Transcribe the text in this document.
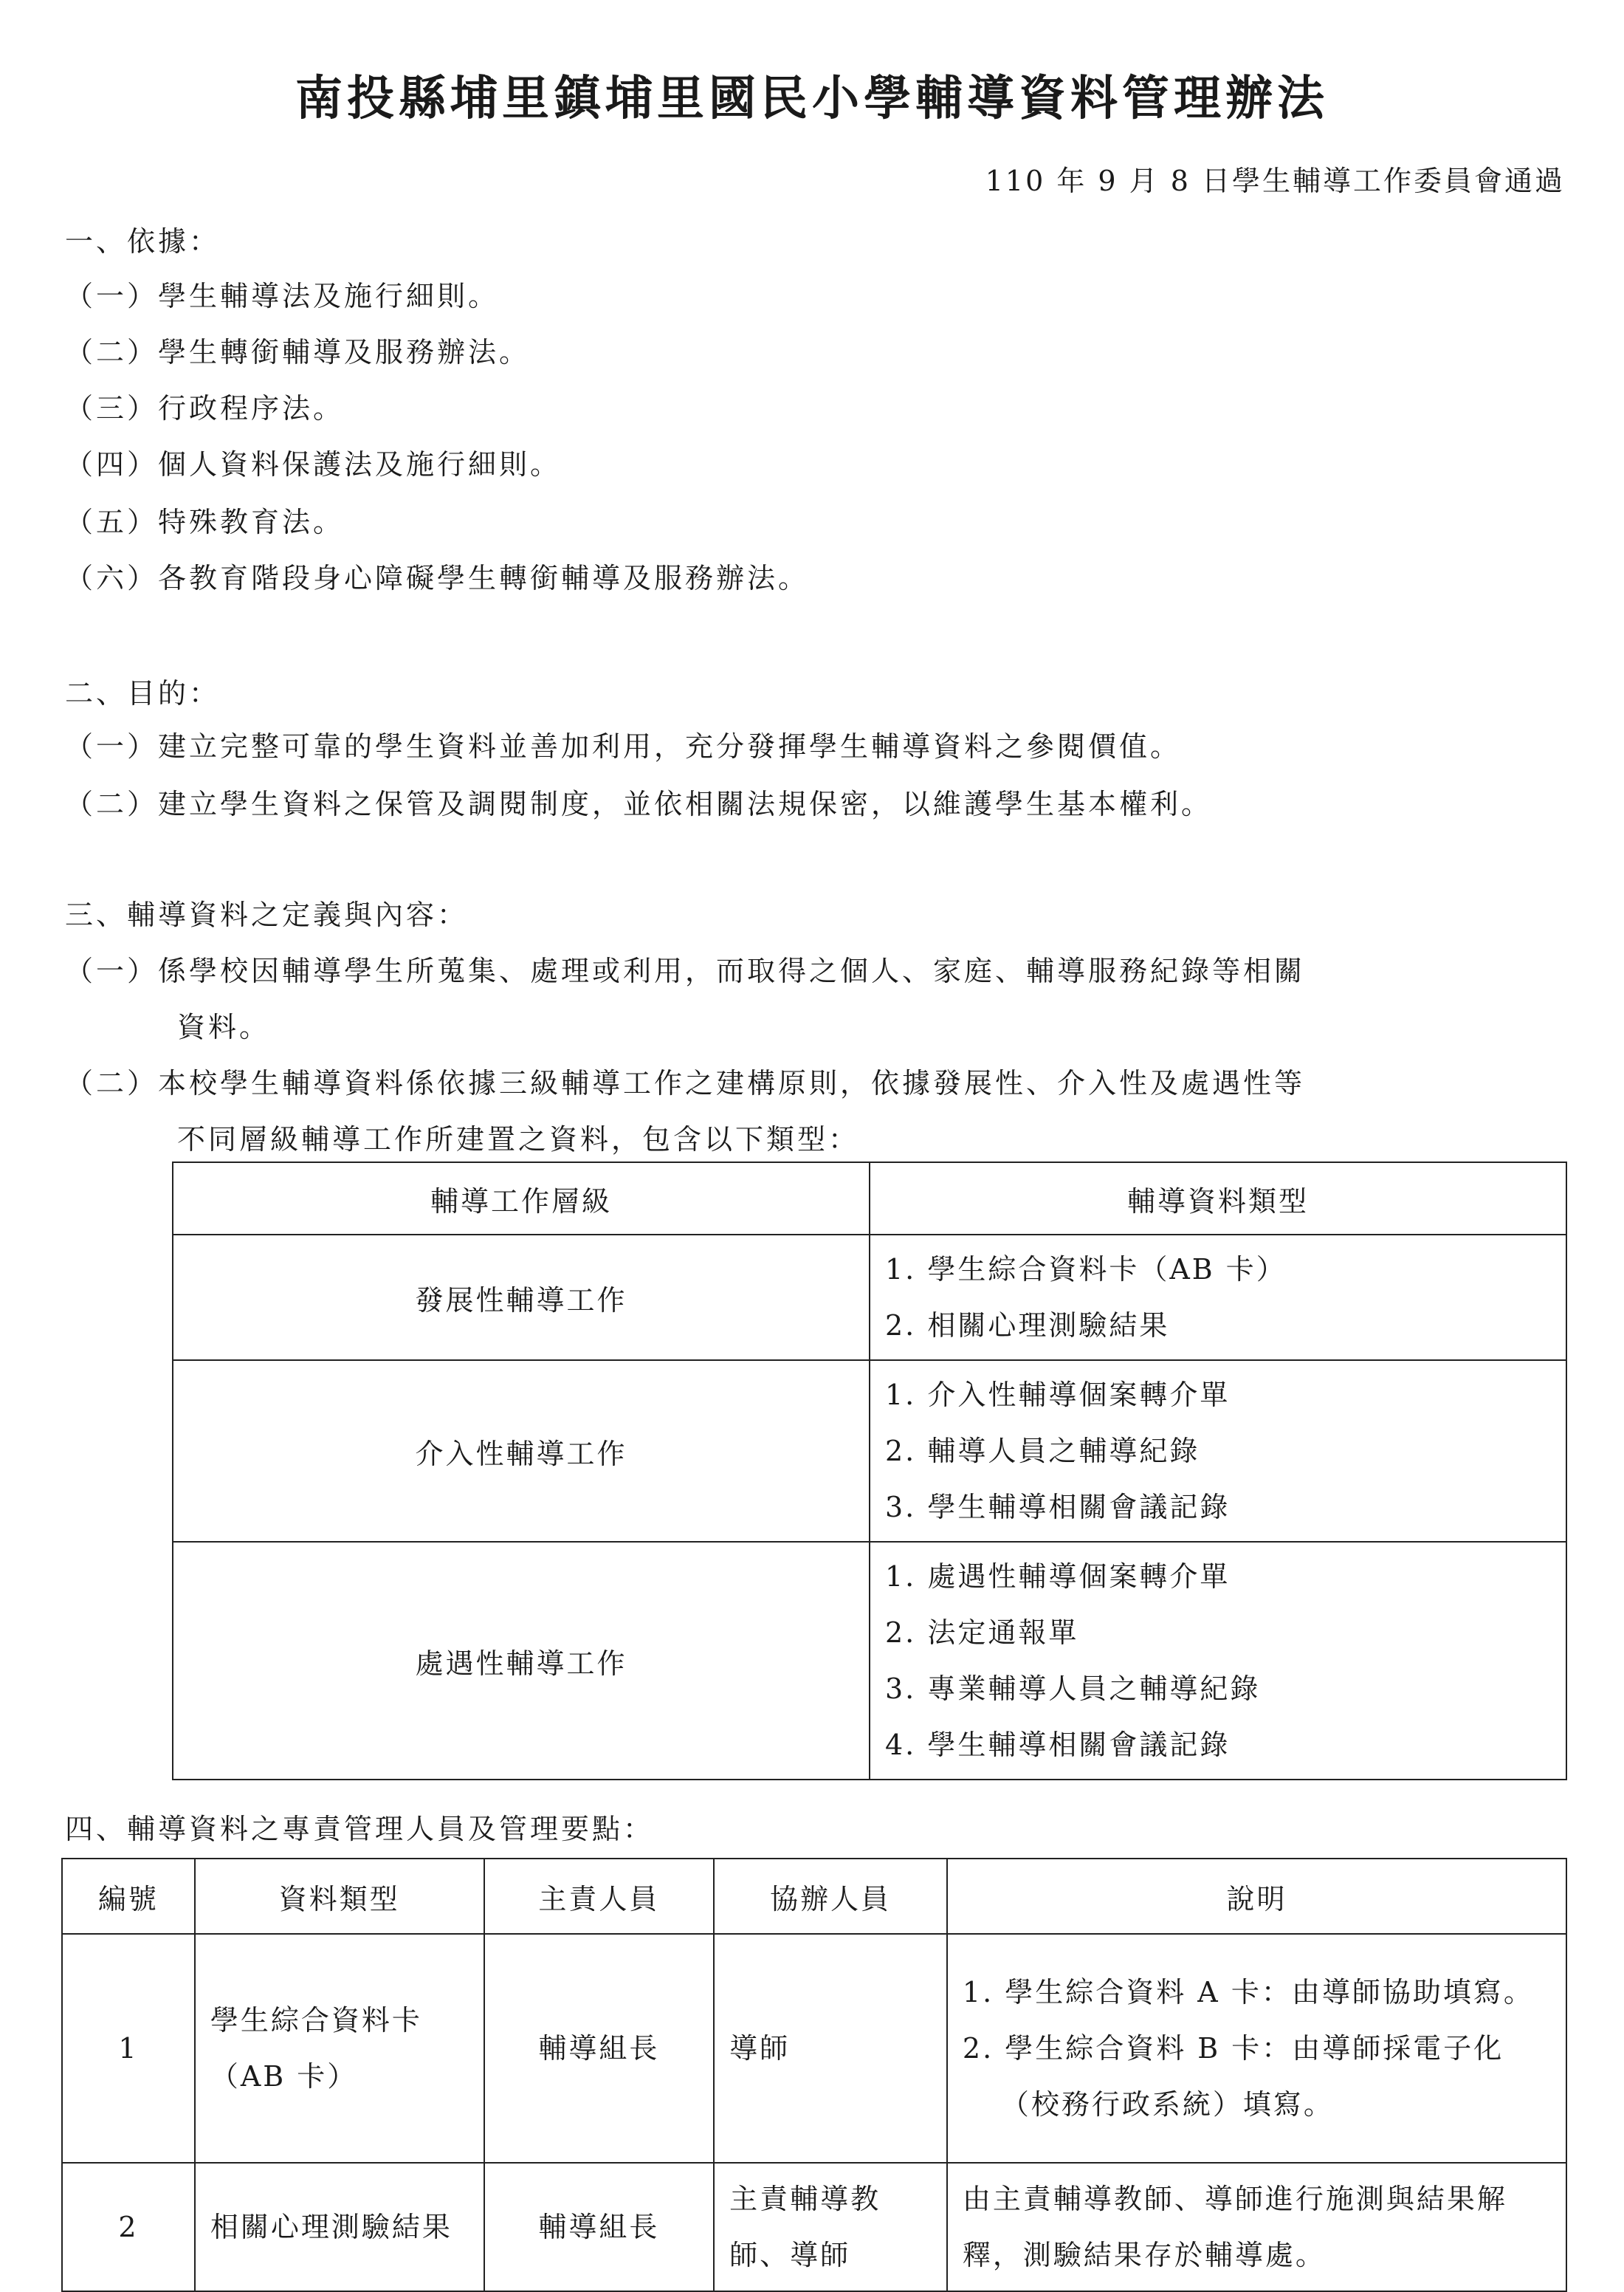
南投縣埔里鎮埔里國民小學輔導資料管理辦法
110 年 9 月 8 日學生輔導工作委員會通過
一、依據：
（一）學生輔導法及施行細則。
（二）學生轉銜輔導及服務辦法。
（三）行政程序法。
（四）個人資料保護法及施行細則。
（五）特殊教育法。
（六）各教育階段身心障礙學生轉銜輔導及服務辦法。
二、目的：
（一）建立完整可靠的學生資料並善加利用，充分發揮學生輔導資料之參閱價值。
（二）建立學生資料之保管及調閱制度，並依相關法規保密，以維護學生基本權利。
三、輔導資料之定義與內容：
（一）係學校因輔導學生所蒐集、處理或利用，而取得之個人、家庭、輔導服務紀錄等相關
資料。
（二）本校學生輔導資料係依據三級輔導工作之建構原則，依據發展性、介入性及處遇性等
不同層級輔導工作所建置之資料，包含以下類型：
輔導工作層級	輔導資料類型
發展性輔導工作	1. 學生綜合資料卡（AB 卡）
2. 相關心理測驗結果

介入性輔導工作	1. 介入性輔導個案轉介單
2. 輔導人員之輔導紀錄
3. 學生輔導相關會議記錄

處遇性輔導工作	1. 處遇性輔導個案轉介單
2. 法定通報單
3. 專業輔導人員之輔導紀錄
4. 學生輔導相關會議記錄
四、輔導資料之專責管理人員及管理要點：
編號	資料類型	主責人員	協辦人員	說明
1	學生綜合資料卡（AB 卡）	輔導組長	導師	1. 學生綜合資料 A 卡：由導師協助填寫。
2. 學生綜合資料 B 卡：由導師採電子化（校務行政系統）填寫。

2	相關心理測驗結果	輔導組長	主責輔導教師、導師	由主責輔導教師、導師進行施測與結果解釋，測驗結果存於輔導處。
